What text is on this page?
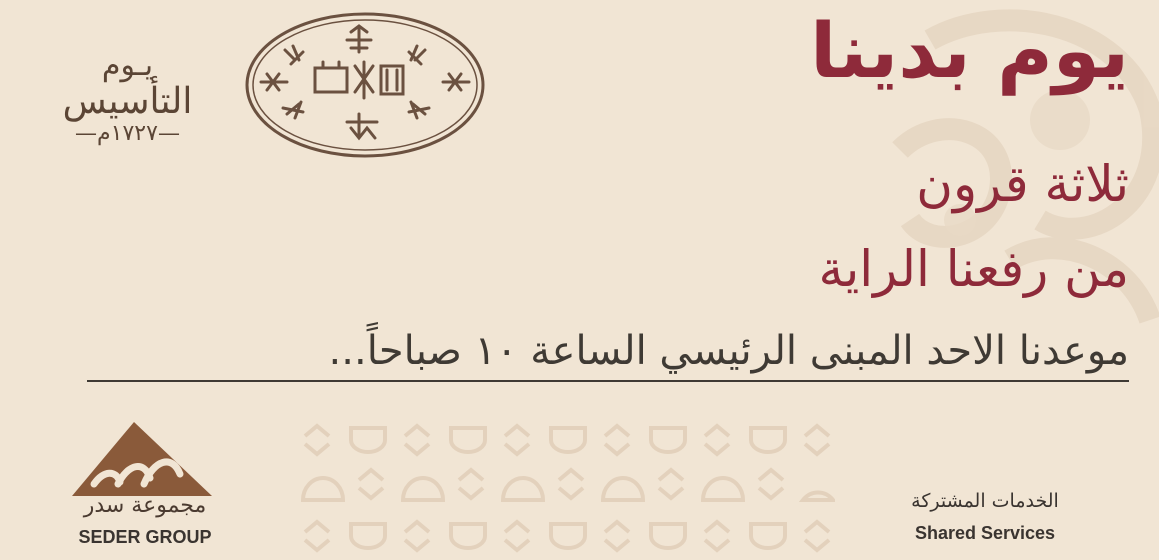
يـوم
التأسيس
—١٧٢٧م—
يوم بدينا

ثلاثة قرون

من رفعنا الراية

موعدنا الاحد المبنى الرئيسي الساعة ١٠ صباحاً...

مجموعة سدر
SEDER GROUP
الخدمات المشتركة
Shared Services
